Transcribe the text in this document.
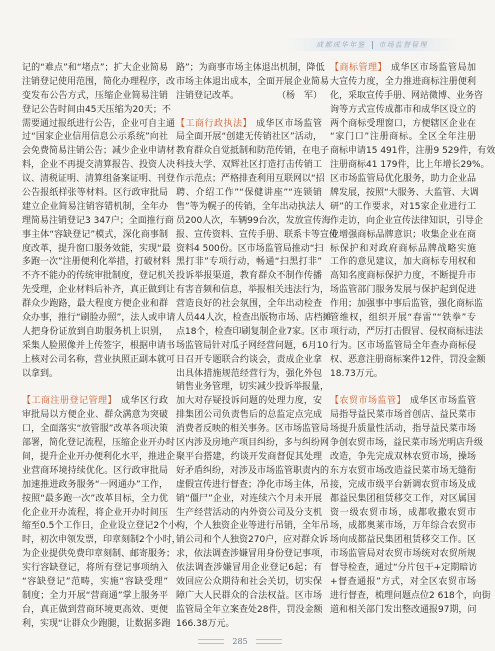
成都成华年鉴 市场监督管理
记的“难点”和“堵点”；扩大企业简易
注销登记使用范围，简化办理程序，改
变发布公告方式，压缩企业简易注销
登记公告时间由45天压缩为20天；不
需要通过报纸进行公告，企业可自主通
过“国家企业信用信息公示系统”向社
会免费简易注销公告；减少企业申请材
料，企业不再提交清算报告、投资人决
议、清税证明、清算组备案证明、刊登
公告报纸样张等材料。区行政审批局
建立企业简易注销容错机制，全年办
理简易注销登记3 347户；全面推行商
事主体“容缺登记”模式，深化商事制
度改革，提升窗口服务效能，实现“最
多跑一次”注册便利化举措，打破材料
不齐不能办的传统审批制度，登记机关
先受理，企业材料后补齐，真正做到让
群众少跑路，最大程度方便企业和群
众办事，推行“刷脸办照”，法人或申请
人把身份证放到自助服务机上识别，
采集人脸照像并上传签字，根据申请书
上核对公司名称，营业执照正副本就可
以拿到。
【工商注册登记管理】 成华区行政
审批局以方便企业、群众满意为突破
口，全面落实“放管服”改革各项决策
部署，简化登记流程，压缩企业开办时
间，提升企业开办便利化水平，推进企
业营商环境持续优化。区行政审批局
加速推进政务服务“一网通办”工作，
按照“最多跑一次”改革目标，全力优
化企业开办流程，将企业开办时间压
缩至0.5个工作日，企业设立登记2个小
时，初次申领发票，印章刻制2个小时，
为企业提供免费印章刻制、邮寄服务；
实行容缺登记，将所有登记事项纳入
“容缺登记”范畴，实施“容缺受理”
制度；全力开展“营商通”掌上服务平
台，真正做到营商环境更高效、更便
利，实现“让群众少跑腿，让数据多跑
路”；为商事市场主体退出机制，降低
市场主体退出成本，全面开展企业简易
注销登记改革。	（杨　军）
【工商行政执法】 成华区市场监管
局全面开展“创建无传销社区”活动，
教育群众自觉抵制和防范传销，在电子
科技大学、双辉社区打造打击传销工
作示范点；严格排查利用互联网以“招
聘、介绍工作”“保健讲座”“连锁销
售”等为幌子的传销，全年出动执法人
员200人次，车辆99台次，发放宣传海
报、宣传资料、宣传手册、联系卡等宣传
资料4 500份。区市场监管局推动“扫
黑打非”专项行动，畅通“扫黑打非”
投诉举报渠道，教育群众不制作传播
有害音频和信息，举报相关违法行为，
营造良好的社会氛围，全年出动检查
人员44人次，检查出版物市场、店档摊
点18个，检查印刷复制企业7家。区市
场监管局针对瓜子网经营问题，6月10
日召开专题联合约谈会，责成企业拿
出具体措施规范经营行为，强化外包
销售业务管理，切实减少投诉举报量，
加大对存疑投诉问题的处理力度，安
排集团公司负责售后的总监定点完成
消费者反映的相关事务。区市场监管局
区内涉及房地产项目纠纷，多与纠纷网
聚平台搭建，约谈开发商督促其处理
好矛盾纠纷，对涉及市场监管职责内的
虚假宣传进行督查；净化市场主体，吊
销“僵尸”企业，对连续六个月未开展
生产经营活动的内外资公司及分支机
构，个人独资企业等进行吊销，全年吊
销公司和个人独资270户，应对群众诉
求，依法调查涉嫌冒用身份登记事项，
依法调查涉嫌冒用企业登记6起；有
效回应公众期待和社会关切，切实保
障广大人民群众的合法权益。区市场
监管局全年立案查处28件，罚没金额
166.38万元。
【商标管理】 成华区市场监管局加
大宣传力度，全力推进商标注册便利
化，采取宣传手册、网站微博、业务咨
询等方式宣传成都市和成华区设立的
两个商标受理窗口，方便辖区企业在
“家门口”注册商标。全区全年注册
商标申请15 491件，注册9 529件，有效
注册商标41 179件，比上年增长29%。
区市场监管局优化服务，助力企业品
牌发展，按照“大服务、大监管、大调
研”的工作要求，对15家企业进行工
作走访，向企业宣传法律知识，引导企
业增强商标品牌意识；收集企业在商
标保护和对政府商标品牌战略实施
工作的意见建议，加大商标专用权和
高知名度商标保护力度，不断提升市
场监管部门服务发展与保护起到促进
作用；加强事中事后监管，强化商标监
管维权，组织开展“春雷”“铁拳”专
项行动，严厉打击假冒、侵权商标违法
行为。区市场监管局全年查办商标侵
权、恶意注册商标案件12件，罚没金额
18.73万元。
【农贸市场监管】 成华区市场监管
局指导益民菜市场首创店、益民菜市
场提升质量性活动，指导益民菜市场
争创农贸市场，益民菜市场光明店升级
改造，争先完成双林农贸市场，操场
东方农贸市场改造益民菜市场无缝衔
接，完成市级平台新调农贸市场及成
都益民集团租赁移交工作，对区属国
资一级农贸市场，成都收撒农贸市
场，成都奥莱市场，万年综合农贸市
场向成都益民集团租赁移交工作。区
市场监管局对农贸市场统对农贸所规
督导检查，通过“分片包干+定期暗访
+督查通报”方式，对全区农贸市场
进行督查，梳理问题点位2 618个，向街
道和相关部门发出整改通报97期，问
285
